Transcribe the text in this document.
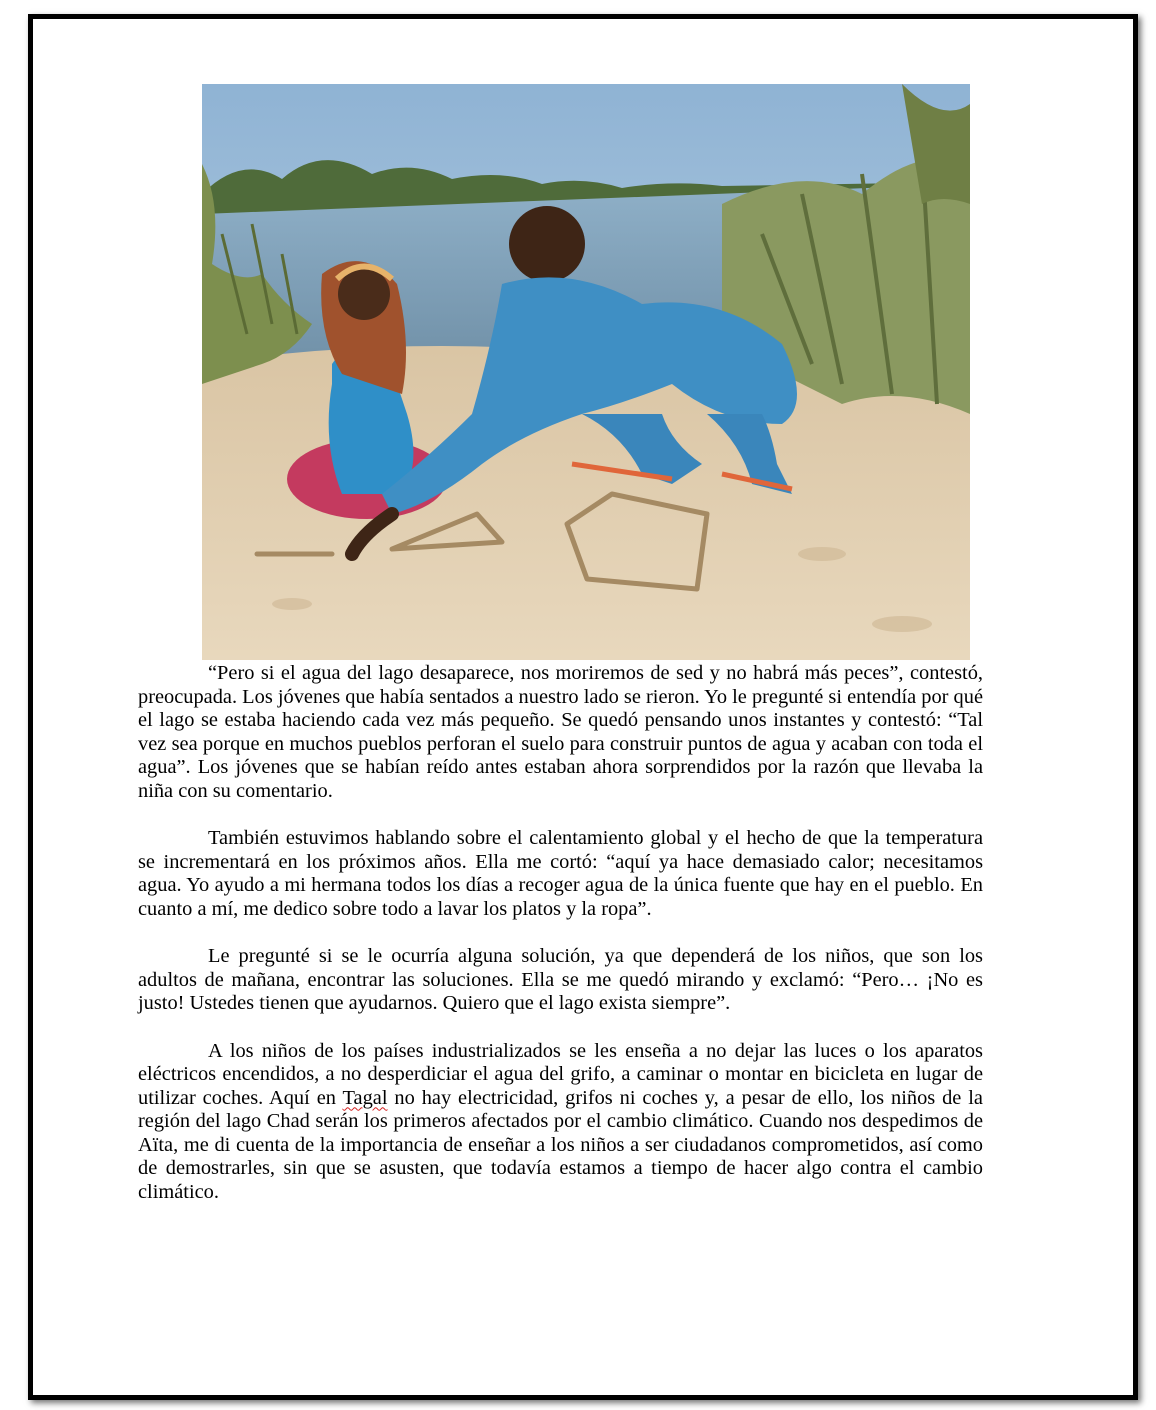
“Pero si el agua del lago desaparece, nos moriremos de sed y no habrá más peces”, contestó, preocupada. Los jóvenes que había sentados a nuestro lado se rieron. Yo le pregunté si entendía por qué el lago se estaba haciendo cada vez más pequeño. Se quedó pensando unos instantes y contestó: “Tal vez sea porque en muchos pueblos perforan el suelo para construir puntos de agua y acaban con toda el agua”. Los jóvenes que se habían reído antes estaban ahora sorprendidos por la razón que llevaba la niña con su comentario.

También estuvimos hablando sobre el calentamiento global y el hecho de que la temperatura se incrementará en los próximos años. Ella me cortó: “aquí ya hace demasiado calor; necesitamos agua. Yo ayudo a mi hermana todos los días a recoger agua de la única fuente que hay en el pueblo. En cuanto a mí, me dedico sobre todo a lavar los platos y la ropa”.

Le pregunté si se le ocurría alguna solución, ya que dependerá de los niños, que son los adultos de mañana, encontrar las soluciones. Ella se me quedó mirando y exclamó: “Pero… ¡No es justo! Ustedes tienen que ayudarnos. Quiero que el lago exista siempre”.

A los niños de los países industrializados se les enseña a no dejar las luces o los aparatos eléctricos encendidos, a no desperdiciar el agua del grifo, a caminar o montar en bicicleta en lugar de utilizar coches. Aquí en Tagal no hay electricidad, grifos ni coches y, a pesar de ello, los niños de la región del lago Chad serán los primeros afectados por el cambio climático. Cuando nos despedimos de Aïta, me di cuenta de la importancia de enseñar a los niños a ser ciudadanos comprometidos, así como de demostrarles, sin que se asusten, que todavía estamos a tiempo de hacer algo contra el cambio climático.
